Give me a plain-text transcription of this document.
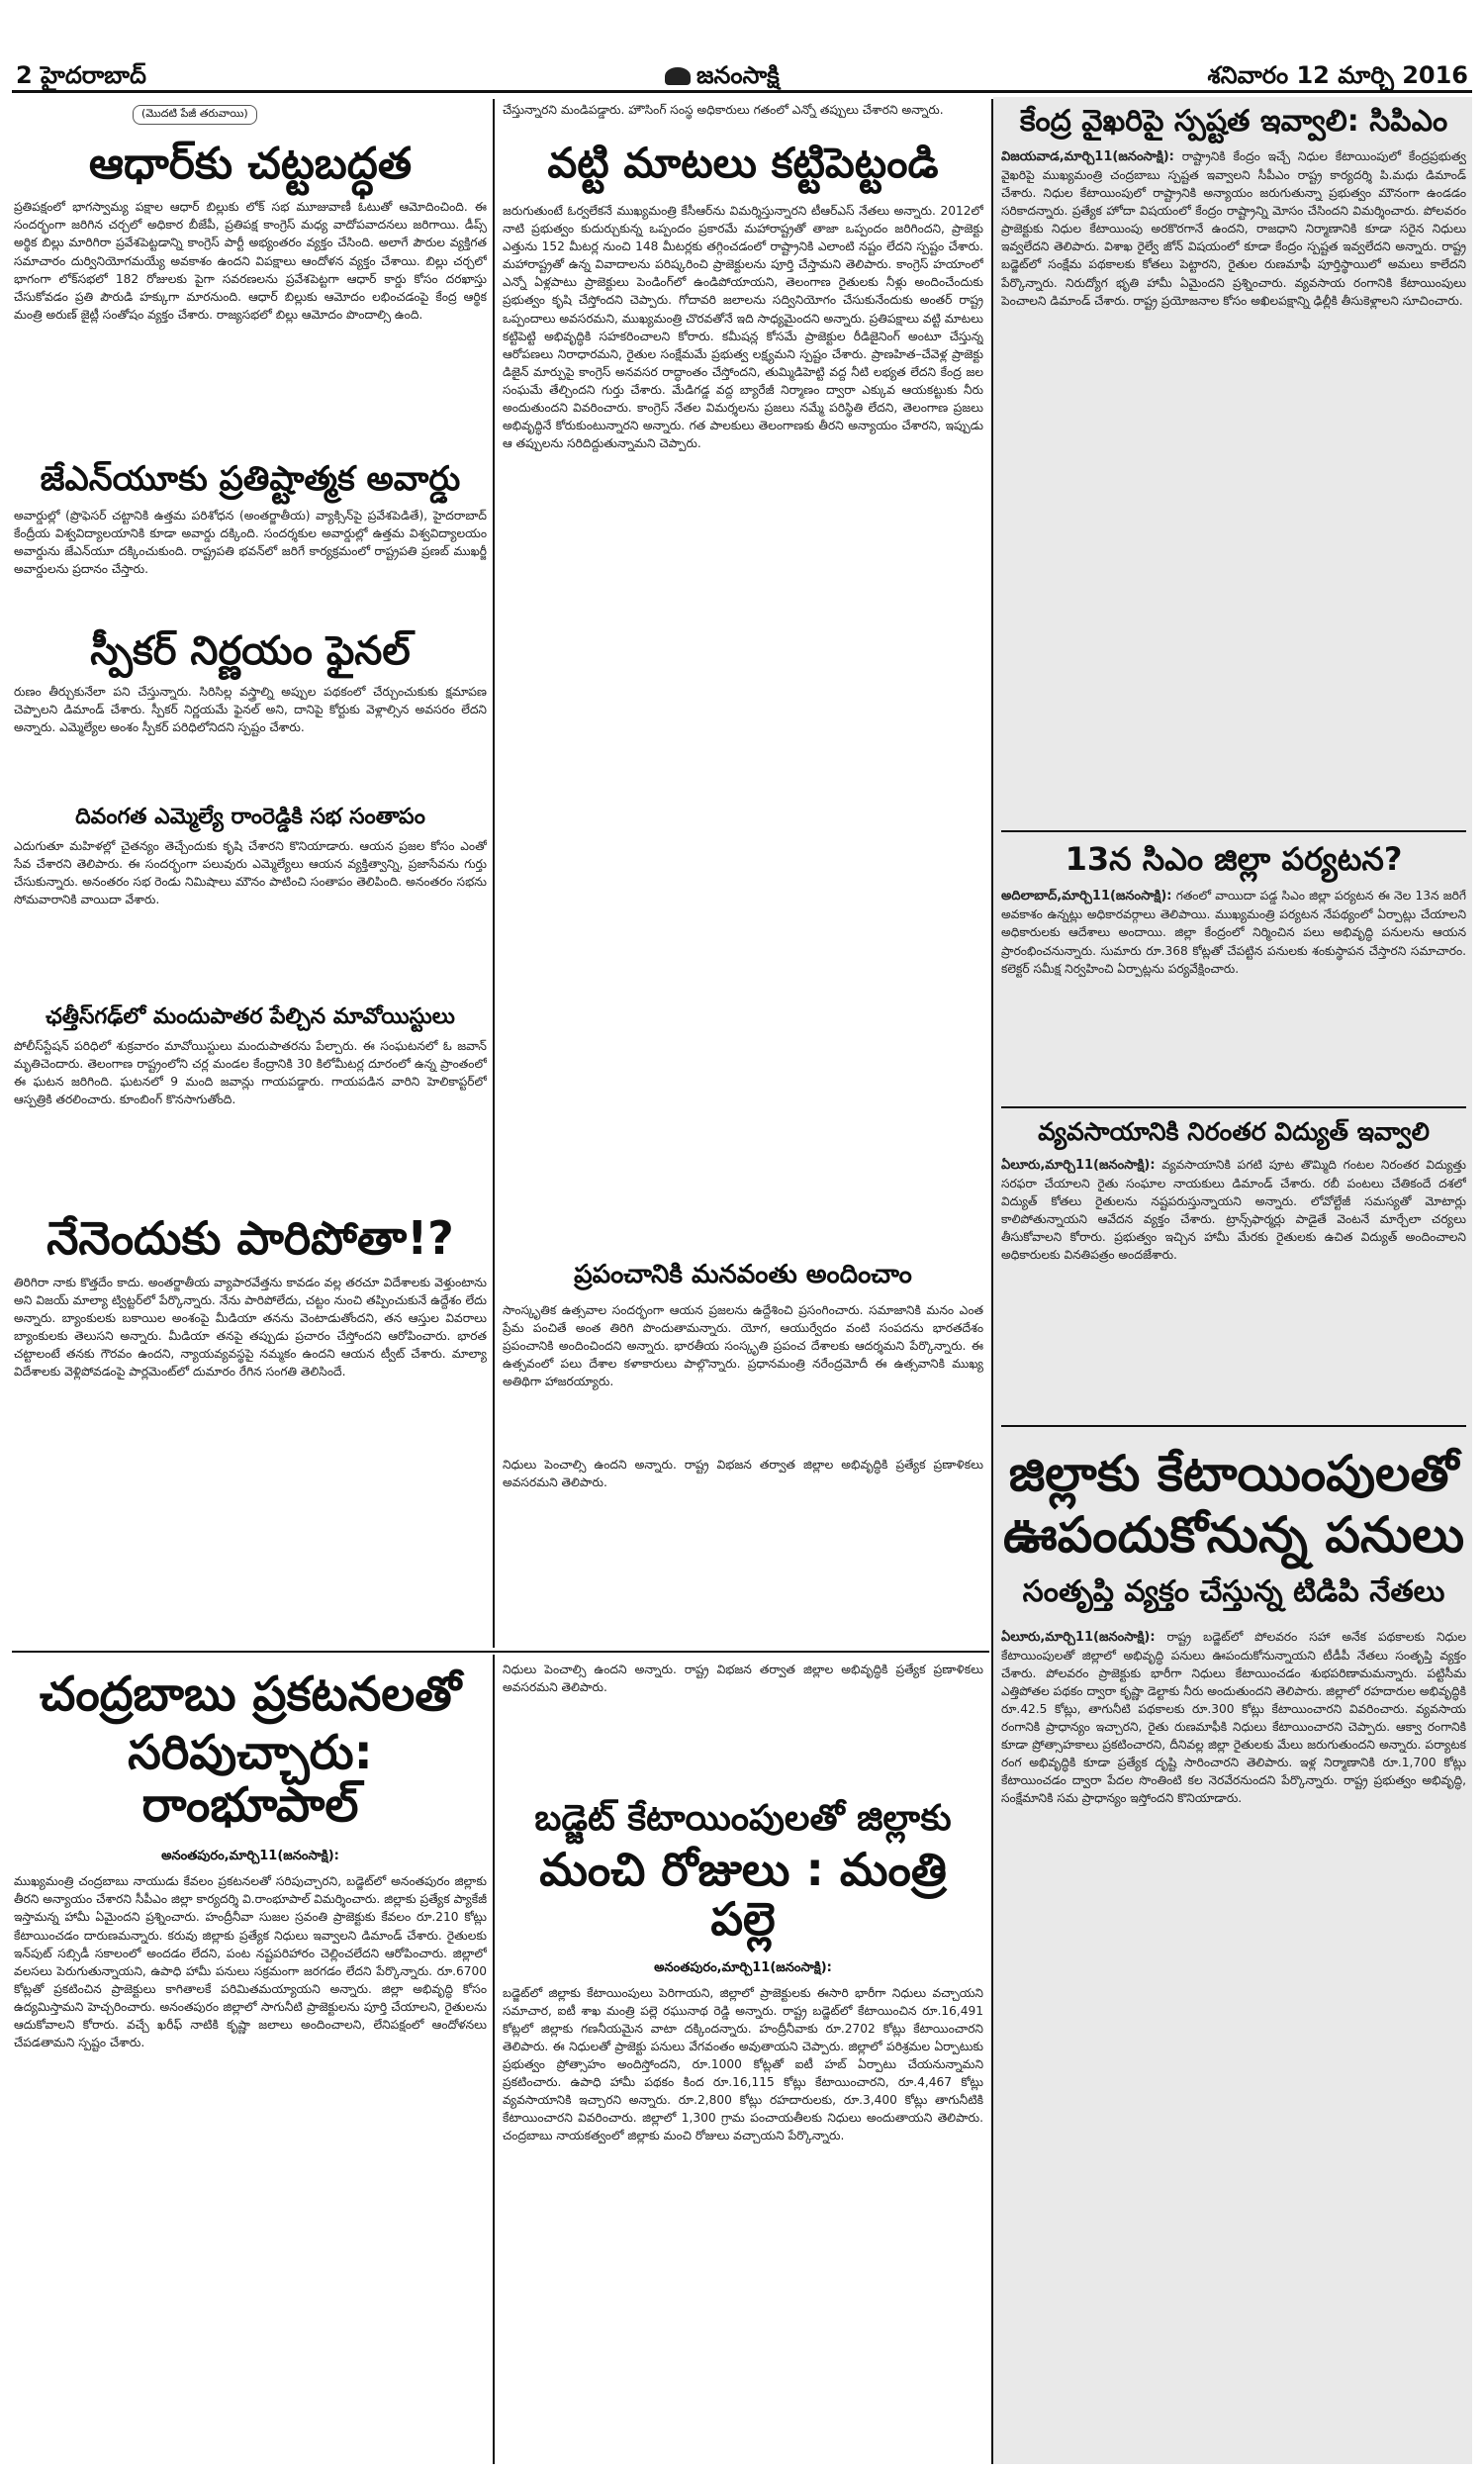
2 హైదరాబాద్	జనంసాక్షి	శనివారం 12 మార్చి 2016
(మొదటి పేజీ తరువాయి)
ఆధార్‌కు చట్టబద్ధత

ప్రతిపక్షంలో భాగస్వామ్య పక్షాల ఆధార్‌ బిల్లుకు లోక్‌ సభ మూజువాణీ ఓటుతో ఆమోదించింది. ఈ సందర్భంగా జరిగిన చర్చలో అధికార బీజేపీ, ప్రతిపక్ష కాంగ్రెస్‌ మధ్య వాదోపవాదనలు జరిగాయి. డీప్స్‌ అర్థిక బిల్లు మారిగిరా ప్రవేశపెట్టడాన్ని కాంగ్రెస్‌ పార్టీ అభ్యంతరం వ్యక్తం చేసింది. అలాగే పౌరుల వ్యక్తిగత సమాచారం దుర్వినియోగమయ్యే అవకాశం ఉందని విపక్షాలు ఆందోళన వ్యక్తం చేశాయి. బిల్లు చర్చలో భాగంగా లోక్‌సభలో 182 రోజులకు పైగా సవరణలను ప్రవేశపెట్టగా ఆధార్‌ కార్డు కోసం దరఖాస్తు చేసుకోవడం ప్రతి పౌరుడి హక్కుగా మారనుంది. ఆధార్‌ బిల్లుకు ఆమోదం లభించడంపై కేంద్ర ఆర్థిక మంత్రి అరుణ్‌ జైట్లీ సంతోషం వ్యక్తం చేశారు. రాజ్యసభలో బిల్లు ఆమోదం పొందాల్సి ఉంది.

జేఎన్‌యూకు ప్రతిష్టాత్మక అవార్డు

అవార్డుల్లో (ప్రొఫెసర్‌ చట్టానికి ఉత్తమ పరిశోధన (అంతర్జాతీయ) వ్యాక్సిన్‌పై ప్రవేశపెడితే), హైదరాబాద్‌ కేంద్రీయ విశ్వవిద్యాలయానికి కూడా అవార్డు దక్కింది. సందర్శకుల అవార్డుల్లో ఉత్తమ విశ్వవిద్యాలయం అవార్డును జేఎన్‌యూ దక్కించుకుంది. రాష్ట్రపతి భవన్‌లో జరిగే కార్యక్రమంలో రాష్ట్రపతి ప్రణబ్‌ ముఖర్జీ అవార్డులను ప్రదానం చేస్తారు.

స్పీకర్‌ నిర్ణయం ఫైనల్‌

రుణం తీర్చుకునేలా పని చేస్తున్నారు. సిరిసిల్ల వస్త్రాల్ని అప్పుల పథకంలో చేర్చుంచుకుకు క్షమాపణ చెప్పాలని డిమాండ్‌ చేశారు. స్పీకర్‌ నిర్ణయమే ఫైనల్‌ అని, దానిపై కోర్టుకు వెళ్లాల్సిన అవసరం లేదని అన్నారు. ఎమ్మెల్యేల అంశం స్పీకర్‌ పరిధిలోనిదని స్పష్టం చేశారు.

దివంగత ఎమ్మెల్యే రాంరెడ్డికి సభ సంతాపం

ఎదుగుతూ మహిళల్లో చైతన్యం తెచ్చేందుకు కృషి చేశారని కొనియాడారు. ఆయన ప్రజల కోసం ఎంతో సేవ చేశారని తెలిపారు. ఈ సందర్భంగా పలువురు ఎమ్మెల్యేలు ఆయన వ్యక్తిత్వాన్ని, ప్రజాసేవను గుర్తు చేసుకున్నారు. అనంతరం సభ రెండు నిమిషాలు మౌనం పాటించి సంతాపం తెలిపింది. అనంతరం సభను సోమవారానికి వాయిదా వేశారు.

ఛత్తీస్‌గఢ్‌లో మందుపాతర పేల్చిన మావోయిస్టులు

పోలీస్‌స్టేషన్‌ పరిధిలో శుక్రవారం మావోయిస్టులు మందుపాతరను పేల్చారు. ఈ సంఘటనలో ఓ జవాన్‌ మృతిచెందారు. తెలంగాణ రాష్ట్రంలోని చర్ల మండల కేంద్రానికి 30 కిలోమీటర్ల దూరంలో ఉన్న ప్రాంతంలో ఈ ఘటన జరిగింది. ఘటనలో 9 మంది జవాన్లు గాయపడ్డారు. గాయపడిన వారిని హెలికాప్టర్‌లో ఆస్పత్రికి తరలించారు. కూంబింగ్‌ కొనసాగుతోంది.

నేనెందుకు పారిపోతా!?

తిరిగిరా నాకు కొత్తదేం కాదు. అంతర్జాతీయ వ్యాపారవేత్తను కావడం వల్ల తరచూ విదేశాలకు వెళ్తుంటాను అని విజయ్‌ మాల్యా ట్విట్టర్‌లో పేర్కొన్నారు. నేను పారిపోలేదు, చట్టం నుంచి తప్పించుకునే ఉద్దేశం లేదు అన్నారు. బ్యాంకులకు బకాయిల అంశంపై మీడియా తనను వెంటాడుతోందని, తన ఆస్తుల వివరాలు బ్యాంకులకు తెలుసని అన్నారు. మీడియా తనపై తప్పుడు ప్రచారం చేస్తోందని ఆరోపించారు. భారత చట్టాలంటే తనకు గౌరవం ఉందని, న్యాయవ్యవస్థపై నమ్మకం ఉందని ఆయన ట్వీట్‌ చేశారు. మాల్యా విదేశాలకు వెళ్లిపోవడంపై పార్లమెంట్‌లో దుమారం రేగిన సంగతి తెలిసిందే.

చేస్తున్నారని మండిపడ్డారు. హౌసింగ్‌ సంస్థ అధికారులు గతంలో ఎన్నో తప్పులు చేశారని అన్నారు.

వట్టి మాటలు కట్టిపెట్టండి

జరుగుతుంటే ఓర్వలేకనే ముఖ్యమంత్రి కేసీఆర్‌ను విమర్శిస్తున్నారని టీఆర్‌ఎస్‌ నేతలు అన్నారు. 2012లో నాటి ప్రభుత్వం కుదుర్చుకున్న ఒప్పందం ప్రకారమే మహారాష్ట్రతో తాజా ఒప్పందం జరిగిందని, ప్రాజెక్టు ఎత్తును 152 మీటర్ల నుంచి 148 మీటర్లకు తగ్గించడంలో రాష్ట్రానికి ఎలాంటి నష్టం లేదని స్పష్టం చేశారు. మహారాష్ట్రతో ఉన్న వివాదాలను పరిష్కరించి ప్రాజెక్టులను పూర్తి చేస్తామని తెలిపారు. కాంగ్రెస్‌ హయాంలో ఎన్నో ఏళ్లపాటు ప్రాజెక్టులు పెండింగ్‌లో ఉండిపోయాయని, తెలంగాణ రైతులకు నీళ్లు అందించేందుకు ప్రభుత్వం కృషి చేస్తోందని చెప్పారు. గోదావరి జలాలను సద్వినియోగం చేసుకునేందుకు అంతర్‌ రాష్ట్ర ఒప్పందాలు అవసరమని, ముఖ్యమంత్రి చొరవతోనే ఇది సాధ్యమైందని అన్నారు. ప్రతిపక్షాలు వట్టి మాటలు కట్టిపెట్టి అభివృద్ధికి సహకరించాలని కోరారు. కమీషన్ల కోసమే ప్రాజెక్టుల రీడిజైనింగ్‌ అంటూ చేస్తున్న ఆరోపణలు నిరాధారమని, రైతుల సంక్షేమమే ప్రభుత్వ లక్ష్యమని స్పష్టం చేశారు. ప్రాణహిత–చేవెళ్ల ప్రాజెక్టు డిజైన్‌ మార్పుపై కాంగ్రెస్‌ అనవసర రాద్ధాంతం చేస్తోందని, తుమ్మిడిహెట్టి వద్ద నీటి లభ్యత లేదని కేంద్ర జల సంఘమే తేల్చిందని గుర్తు చేశారు. మేడిగడ్డ వద్ద బ్యారేజీ నిర్మాణం ద్వారా ఎక్కువ ఆయకట్టుకు నీరు అందుతుందని వివరించారు. కాంగ్రెస్‌ నేతల విమర్శలను ప్రజలు నమ్మే పరిస్థితి లేదని, తెలంగాణ ప్రజలు అభివృద్ధినే కోరుకుంటున్నారని అన్నారు. గత పాలకులు తెలంగాణకు తీరని అన్యాయం చేశారని, ఇప్పుడు ఆ తప్పులను సరిదిద్దుతున్నామని చెప్పారు.

ప్రపంచానికి మనవంతు అందించాం

సాంస్కృతిక ఉత్సవాల సందర్భంగా ఆయన ప్రజలను ఉద్దేశించి ప్రసంగించారు. సమాజానికి మనం ఎంత ప్రేమ పంచితే అంత తిరిగి పొందుతామన్నారు. యోగ, ఆయుర్వేదం వంటి సంపదను భారతదేశం ప్రపంచానికి అందించిందని అన్నారు. భారతీయ సంస్కృతి ప్రపంచ దేశాలకు ఆదర్శమని పేర్కొన్నారు. ఈ ఉత్సవంలో పలు దేశాల కళాకారులు పాల్గొన్నారు. ప్రధానమంత్రి నరేంద్రమోదీ ఈ ఉత్సవానికి ముఖ్య అతిథిగా హాజరయ్యారు.

నిధులు పెంచాల్సి ఉందని అన్నారు. రాష్ట్ర విభజన తర్వాత జిల్లాల అభివృద్ధికి ప్రత్యేక ప్రణాళికలు అవసరమని తెలిపారు.

కేంద్ర వైఖరిపై స్పష్టత ఇవ్వాలి: సిపిఎం

విజయవాడ,మార్చి11(జనంసాక్షి): రాష్ట్రానికి కేంద్రం ఇచ్చే నిధుల కేటాయింపులో కేంద్రప్రభుత్వ వైఖరిపై ముఖ్యమంత్రి చంద్రబాబు స్పష్టత ఇవ్వాలని సీపీఎం రాష్ట్ర కార్యదర్శి పి.మధు డిమాండ్‌ చేశారు. నిధుల కేటాయింపులో రాష్ట్రానికి అన్యాయం జరుగుతున్నా ప్రభుత్వం మౌనంగా ఉండడం సరికాదన్నారు. ప్రత్యేక హోదా విషయంలో కేంద్రం రాష్ట్రాన్ని మోసం చేసిందని విమర్శించారు. పోలవరం ప్రాజెక్టుకు నిధుల కేటాయింపు అరకొరగానే ఉందని, రాజధాని నిర్మాణానికి కూడా సరైన నిధులు ఇవ్వలేదని తెలిపారు. విశాఖ రైల్వే జోన్‌ విషయంలో కూడా కేంద్రం స్పష్టత ఇవ్వలేదని అన్నారు. రాష్ట్ర బడ్జెట్‌లో సంక్షేమ పథకాలకు కోతలు పెట్టారని, రైతుల రుణమాఫీ పూర్తిస్థాయిలో అమలు కాలేదని పేర్కొన్నారు. నిరుద్యోగ భృతి హామీ ఏమైందని ప్రశ్నించారు. వ్యవసాయ రంగానికి కేటాయింపులు పెంచాలని డిమాండ్‌ చేశారు. రాష్ట్ర ప్రయోజనాల కోసం అఖిలపక్షాన్ని ఢిల్లీకి తీసుకెళ్లాలని సూచించారు.

13న సిఎం జిల్లా పర్యటన?

అదిలాబాద్‌,మార్చి11(జనంసాక్షి): గతంలో వాయిదా పడ్డ సిఎం జిల్లా పర్యటన ఈ నెల 13న జరిగే అవకాశం ఉన్నట్లు అధికారవర్గాలు తెలిపాయి. ముఖ్యమంత్రి పర్యటన నేపథ్యంలో ఏర్పాట్లు చేయాలని అధికారులకు ఆదేశాలు అందాయి. జిల్లా కేంద్రంలో నిర్మించిన పలు అభివృద్ధి పనులను ఆయన ప్రారంభించనున్నారు. సుమారు రూ.368 కోట్లతో చేపట్టిన పనులకు శంకుస్థాపన చేస్తారని సమాచారం. కలెక్టర్‌ సమీక్ష నిర్వహించి ఏర్పాట్లను పర్యవేక్షించారు.

వ్యవసాయానికి నిరంతర విద్యుత్‌ ఇవ్వాలి

ఏలూరు,మార్చి11(జనంసాక్షి): వ్యవసాయానికి పగటి పూట తొమ్మిది గంటల నిరంతర విద్యుత్తు సరఫరా చేయాలని రైతు సంఘాల నాయకులు డిమాండ్‌ చేశారు. రబీ పంటలు చేతికందే దశలో విద్యుత్‌ కోతలు రైతులను నష్టపరుస్తున్నాయని అన్నారు. లోవోల్టేజీ సమస్యతో మోటార్లు కాలిపోతున్నాయని ఆవేదన వ్యక్తం చేశారు. ట్రాన్స్‌ఫార్మర్లు పాడైతే వెంటనే మార్చేలా చర్యలు తీసుకోవాలని కోరారు. ప్రభుత్వం ఇచ్చిన హామీ మేరకు రైతులకు ఉచిత విద్యుత్‌ అందించాలని అధికారులకు వినతిపత్రం అందజేశారు.

జిల్లాకు కేటాయింపులతో ఊపందుకోనున్న పనులు
సంతృప్తి వ్యక్తం చేస్తున్న టిడిపి నేతలు

ఏలూరు,మార్చి11(జనంసాక్షి): రాష్ట్ర బడ్జెట్‌లో పోలవరం సహా అనేక పథకాలకు నిధుల కేటాయింపులతో జిల్లాలో అభివృద్ధి పనులు ఊపందుకోనున్నాయని టీడీపీ నేతలు సంతృప్తి వ్యక్తం చేశారు. పోలవరం ప్రాజెక్టుకు భారీగా నిధులు కేటాయించడం శుభపరిణామమన్నారు. పట్టిసీమ ఎత్తిపోతల పథకం ద్వారా కృష్ణా డెల్టాకు నీరు అందుతుందని తెలిపారు. జిల్లాలో రహదారుల అభివృద్ధికి రూ.42.5 కోట్లు, తాగునీటి పథకాలకు రూ.300 కోట్లు కేటాయించారని వివరించారు. వ్యవసాయ రంగానికి ప్రాధాన్యం ఇచ్చారని, రైతు రుణమాఫీకి నిధులు కేటాయించారని చెప్పారు. ఆక్వా రంగానికి కూడా ప్రోత్సాహకాలు ప్రకటించారని, దీనివల్ల జిల్లా రైతులకు మేలు జరుగుతుందని అన్నారు. పర్యాటక రంగ అభివృద్ధికి కూడా ప్రత్యేక దృష్టి సారించారని తెలిపారు. ఇళ్ల నిర్మాణానికి రూ.1,700 కోట్లు కేటాయించడం ద్వారా పేదల సొంతింటి కల నెరవేరనుందని పేర్కొన్నారు. రాష్ట్ర ప్రభుత్వం అభివృద్ధి, సంక్షేమానికి సమ ప్రాధాన్యం ఇస్తోందని కొనియాడారు.

చంద్రబాబు ప్రకటనలతో
సరిపుచ్చారు: రాంభూపాల్‌
అనంతపురం,మార్చి11(జనంసాక్షి):

ముఖ్యమంత్రి చంద్రబాబు నాయుడు కేవలం ప్రకటనలతో సరిపుచ్చారని, బడ్జెట్‌లో అనంతపురం జిల్లాకు తీరని అన్యాయం చేశారని సీపీఎం జిల్లా కార్యదర్శి వి.రాంభూపాల్‌ విమర్శించారు. జిల్లాకు ప్రత్యేక ప్యాకేజీ ఇస్తామన్న హామీ ఏమైందని ప్రశ్నించారు. హంద్రీనీవా సుజల స్రవంతి ప్రాజెక్టుకు కేవలం రూ.210 కోట్లు కేటాయించడం దారుణమన్నారు. కరువు జిల్లాకు ప్రత్యేక నిధులు ఇవ్వాలని డిమాండ్‌ చేశారు. రైతులకు ఇన్‌పుట్‌ సబ్సిడీ సకాలంలో అందడం లేదని, పంట నష్టపరిహారం చెల్లించలేదని ఆరోపించారు. జిల్లాలో వలసలు పెరుగుతున్నాయని, ఉపాధి హామీ పనులు సక్రమంగా జరగడం లేదని పేర్కొన్నారు. రూ.6700 కోట్లతో ప్రకటించిన ప్రాజెక్టులు కాగితాలకే పరిమితమయ్యాయని అన్నారు. జిల్లా అభివృద్ధి కోసం ఉద్యమిస్తామని హెచ్చరించారు. అనంతపురం జిల్లాలో సాగునీటి ప్రాజెక్టులను పూర్తి చేయాలని, రైతులను ఆదుకోవాలని కోరారు. వచ్చే ఖరీఫ్‌ నాటికి కృష్ణా జలాలు అందించాలని, లేనిపక్షంలో ఆందోళనలు చేపడతామని స్పష్టం చేశారు.

నిధులు పెంచాల్సి ఉందని అన్నారు. రాష్ట్ర విభజన తర్వాత జిల్లాల అభివృద్ధికి ప్రత్యేక ప్రణాళికలు అవసరమని తెలిపారు.

బడ్జెట్‌ కేటాయింపులతో జిల్లాకు
మంచి రోజులు : మంత్రి పల్లె
అనంతపురం,మార్చి11(జనంసాక్షి):

బడ్జెట్‌లో జిల్లాకు కేటాయింపులు పెరిగాయని, జిల్లాలో ప్రాజెక్టులకు ఈసారి భారీగా నిధులు వచ్చాయని సమాచార, ఐటీ శాఖ మంత్రి పల్లె రఘునాథ రెడ్డి అన్నారు. రాష్ట్ర బడ్జెట్‌లో కేటాయించిన రూ.16,491 కోట్లలో జిల్లాకు గణనీయమైన వాటా దక్కిందన్నారు. హంద్రీనీవాకు రూ.2702 కోట్లు కేటాయించారని తెలిపారు. ఈ నిధులతో ప్రాజెక్టు పనులు వేగవంతం అవుతాయని చెప్పారు. జిల్లాలో పరిశ్రమల ఏర్పాటుకు ప్రభుత్వం ప్రోత్సాహం అందిస్తోందని, రూ.1000 కోట్లతో ఐటీ హబ్‌ ఏర్పాటు చేయనున్నామని ప్రకటించారు. ఉపాధి హామీ పథకం కింద రూ.16,115 కోట్లు కేటాయించారని, రూ.4,467 కోట్లు వ్యవసాయానికి ఇచ్చారని అన్నారు. రూ.2,800 కోట్లు రహదారులకు, రూ.3,400 కోట్లు తాగునీటికి కేటాయించారని వివరించారు. జిల్లాలో 1,300 గ్రామ పంచాయతీలకు నిధులు అందుతాయని తెలిపారు. చంద్రబాబు నాయకత్వంలో జిల్లాకు మంచి రోజులు వచ్చాయని పేర్కొన్నారు.
